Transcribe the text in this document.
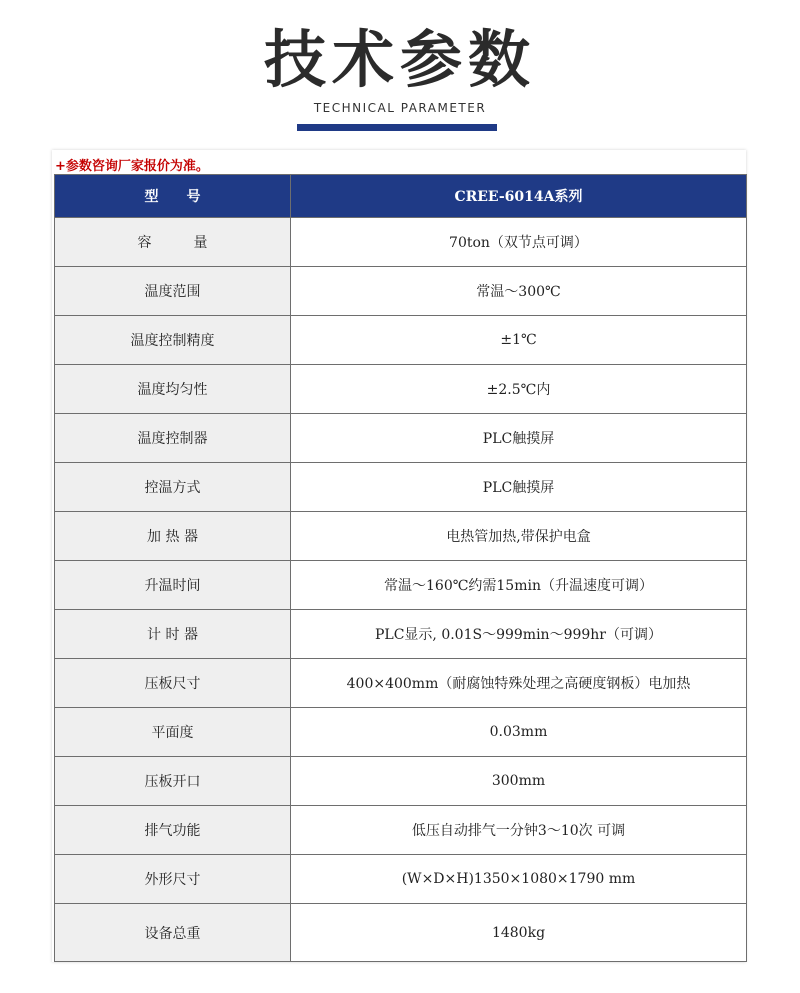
技术参数
TECHNICAL PARAMETER
+参数咨询厂家报价为准。
型　　号	CREE-6014A系列
容　　　量	70ton（双节点可调）
温度范围	常温～300℃
温度控制精度	±1℃
温度均匀性	±2.5℃内
温度控制器	PLC触摸屏
控温方式	PLC触摸屏
加 热 器	电热管加热,带保护电盒
升温时间	常温～160℃约需15min（升温速度可调）
计 时 器	PLC显示, 0.01S～999min～999hr（可调）
压板尺寸	400×400mm（耐腐蚀特殊处理之高硬度钢板）电加热
平面度	0.03mm
压板开口	300mm
排气功能	低压自动排气一分钟3～10次 可调
外形尺寸	(W×D×H)1350×1080×1790 mm
设备总重	1480kg
